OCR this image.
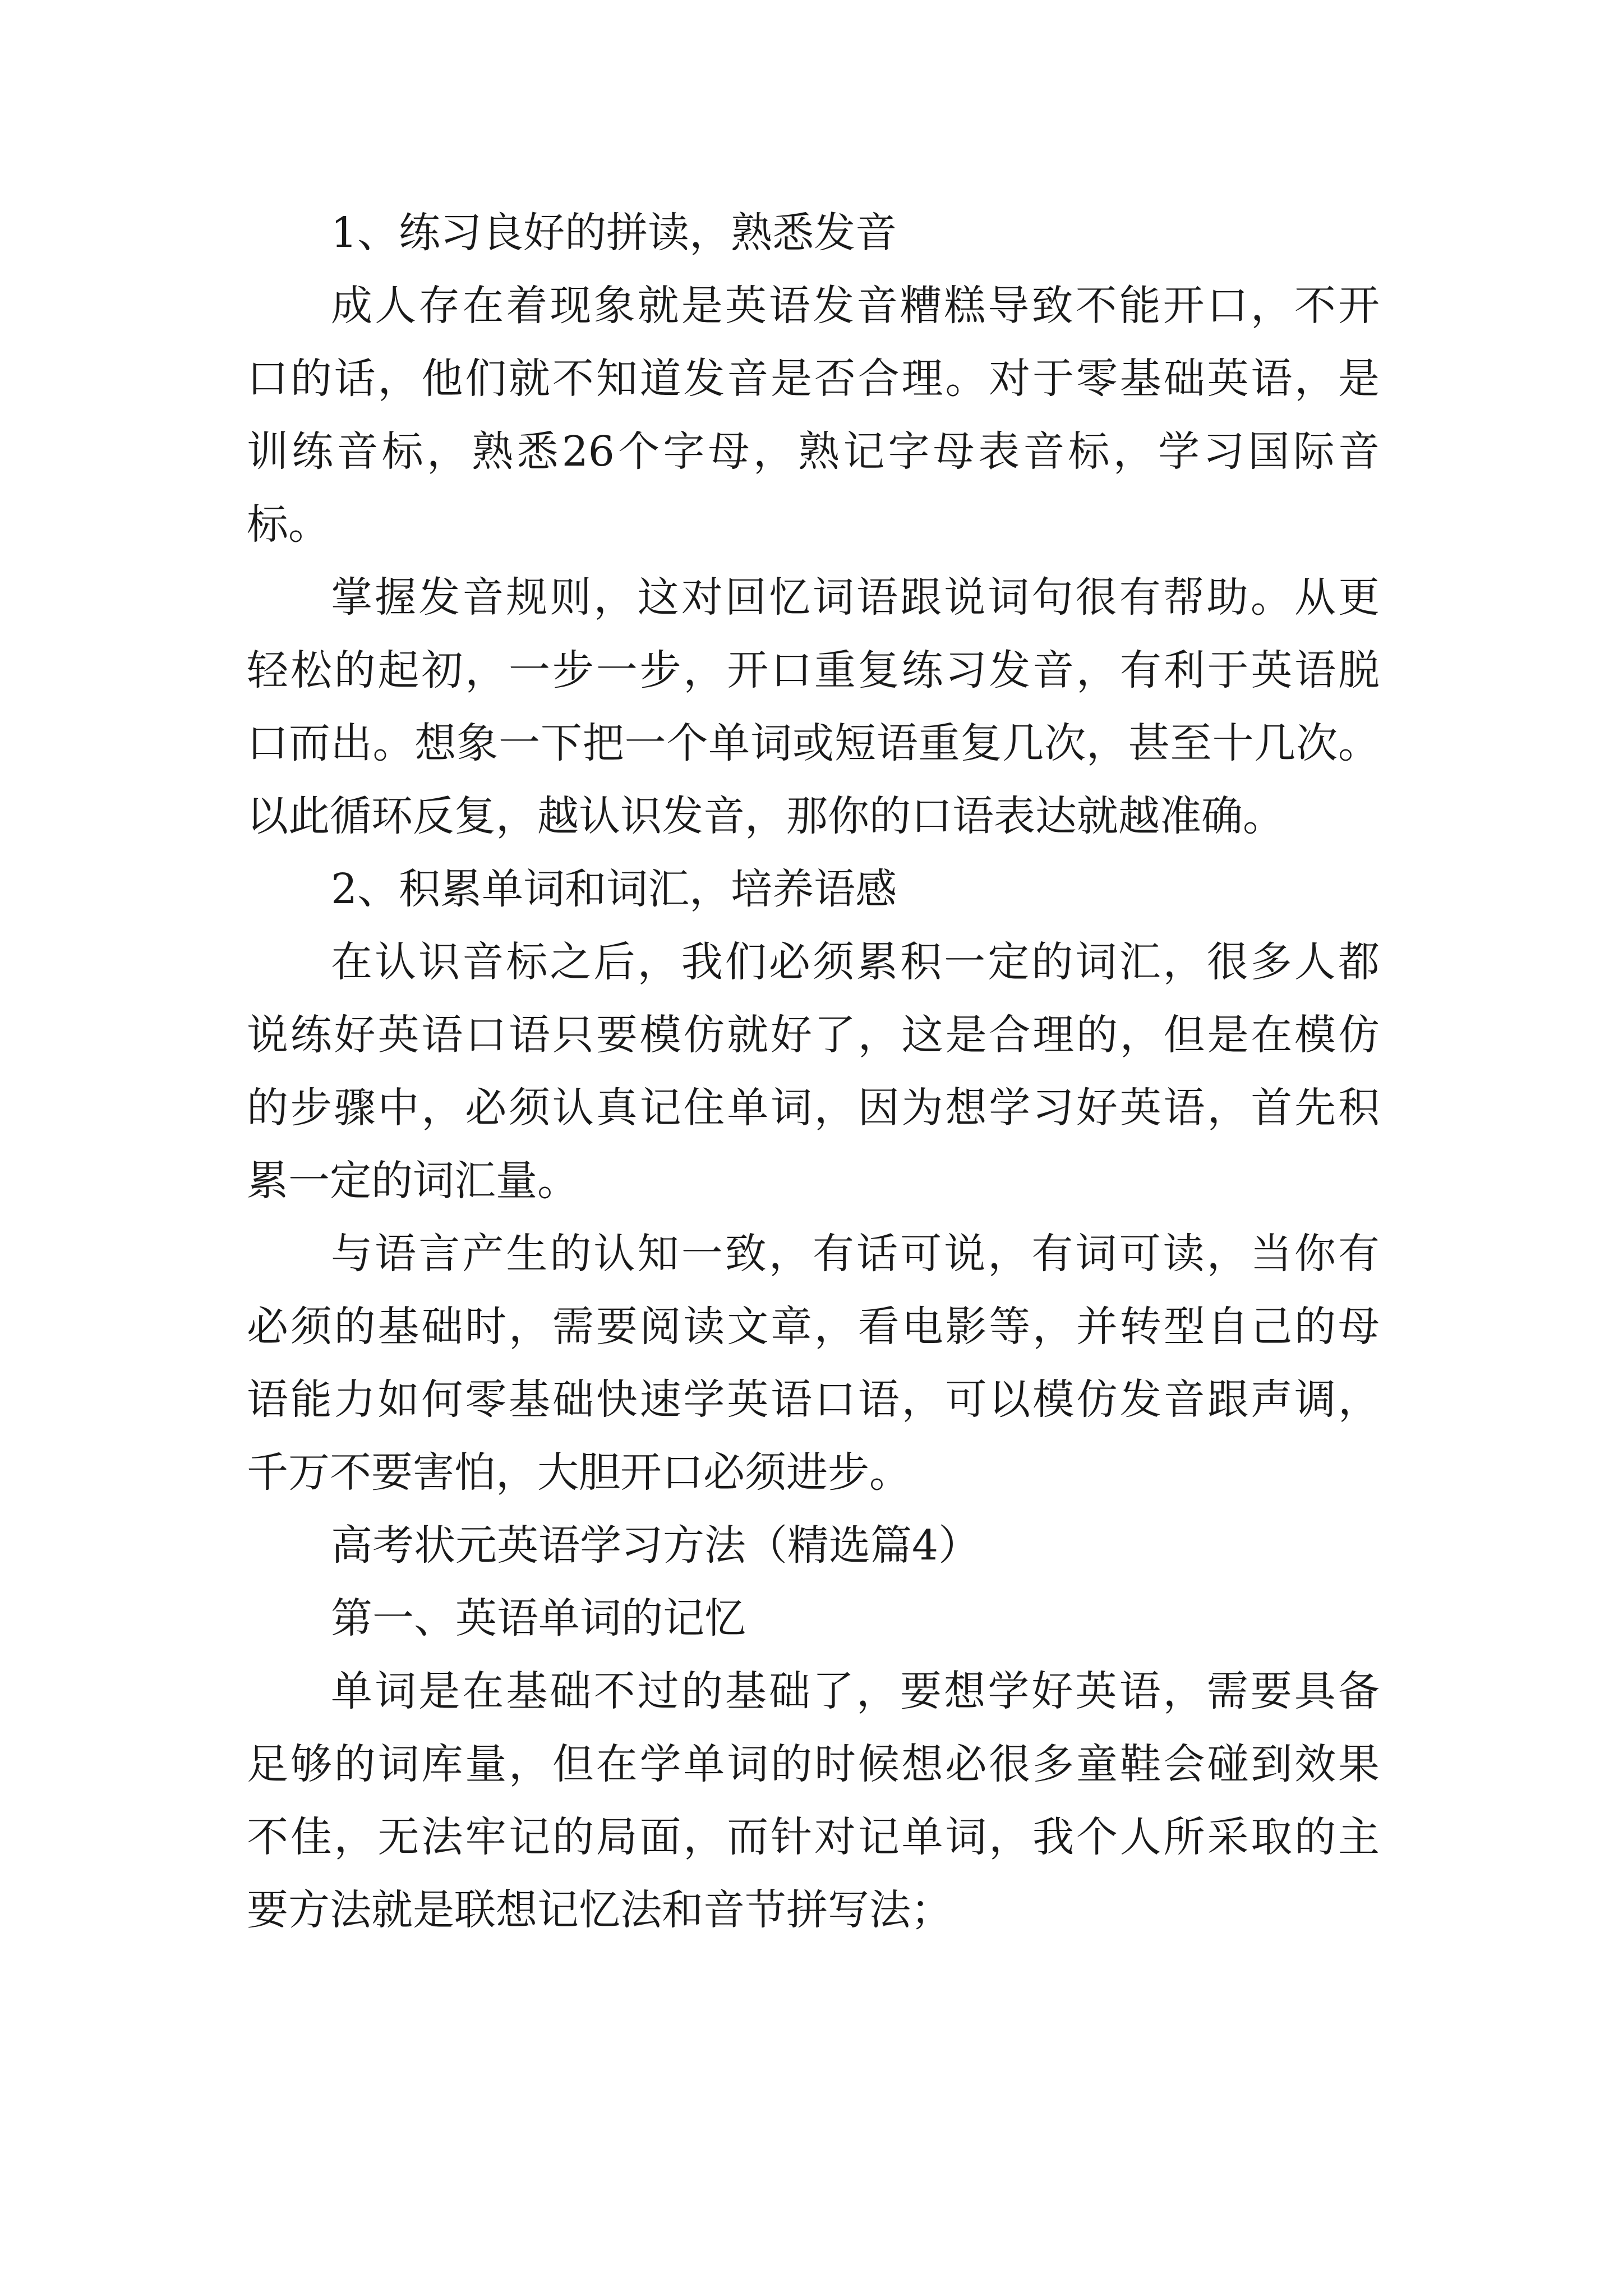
1、练习良好的拼读，熟悉发音
成人存在着现象就是英语发音糟糕导致不能开口，不开
口的话，他们就不知道发音是否合理。对于零基础英语，是
训练音标，熟悉26个字母，熟记字母表音标，学习国际音
标。
掌握发音规则，这对回忆词语跟说词句很有帮助。从更
轻松的起初，一步一步，开口重复练习发音，有利于英语脱
口而出。想象一下把一个单词或短语重复几次，甚至十几次。
以此循环反复，越认识发音，那你的口语表达就越准确。
2、积累单词和词汇，培养语感
在认识音标之后，我们必须累积一定的词汇，很多人都
说练好英语口语只要模仿就好了，这是合理的，但是在模仿
的步骤中，必须认真记住单词，因为想学习好英语，首先积
累一定的词汇量。
与语言产生的认知一致，有话可说，有词可读，当你有
必须的基础时，需要阅读文章，看电影等，并转型自己的母
语能力如何零基础快速学英语口语，可以模仿发音跟声调，
千万不要害怕，大胆开口必须进步。
高考状元英语学习方法（精选篇4）
第一、英语单词的记忆
单词是在基础不过的基础了，要想学好英语，需要具备
足够的词库量，但在学单词的时候想必很多童鞋会碰到效果
不佳，无法牢记的局面，而针对记单词，我个人所采取的主
要方法就是联想记忆法和音节拼写法；
